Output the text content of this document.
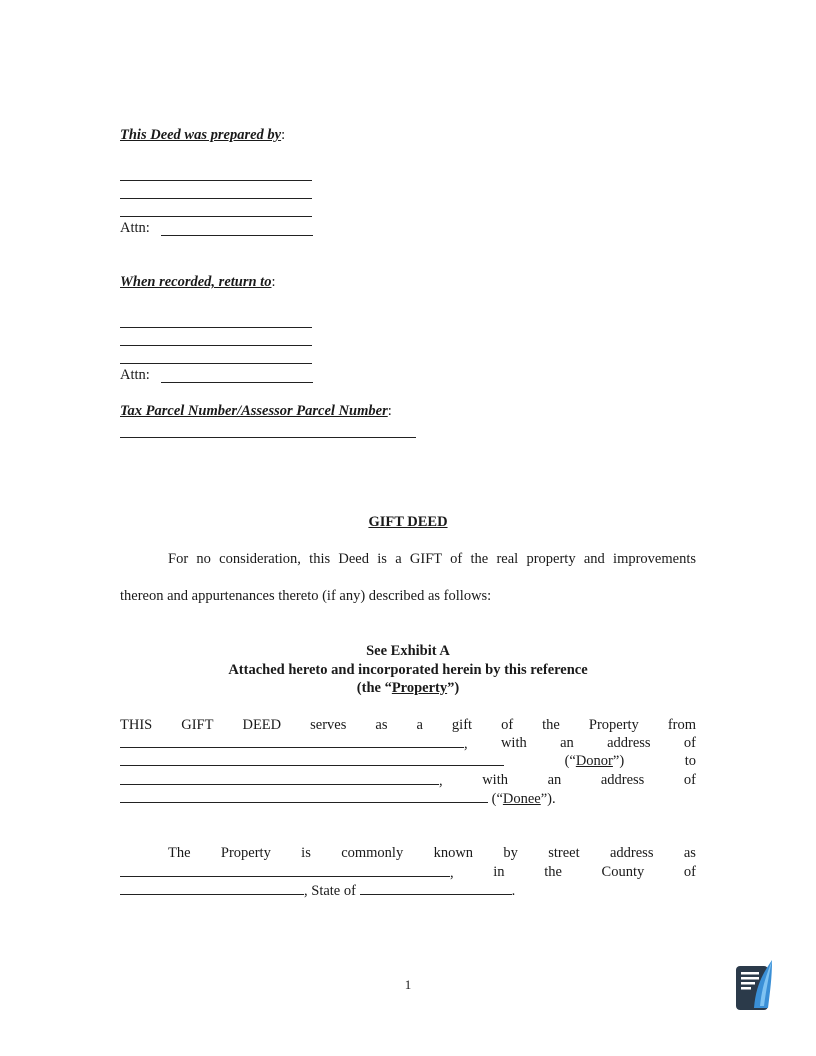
This Deed was prepared by:
Attn:
When recorded, return to:
Attn:
Tax Parcel Number/Assessor Parcel Number:
GIFT DEED
For no consideration, this Deed is a GIFT of the real property and improvements
thereon and appurtenances thereto (if any) described as follows:
See Exhibit A
Attached hereto and incorporated herein by this reference
(the “Property”)
THIS GIFT DEED serves as a gift of the Property from
, with an address of
(“Donor”)	to
,	with	an	address	of
(“Donee”).
The Property is commonly known by street address as
,	in	the	County	of
, State of	.
1
